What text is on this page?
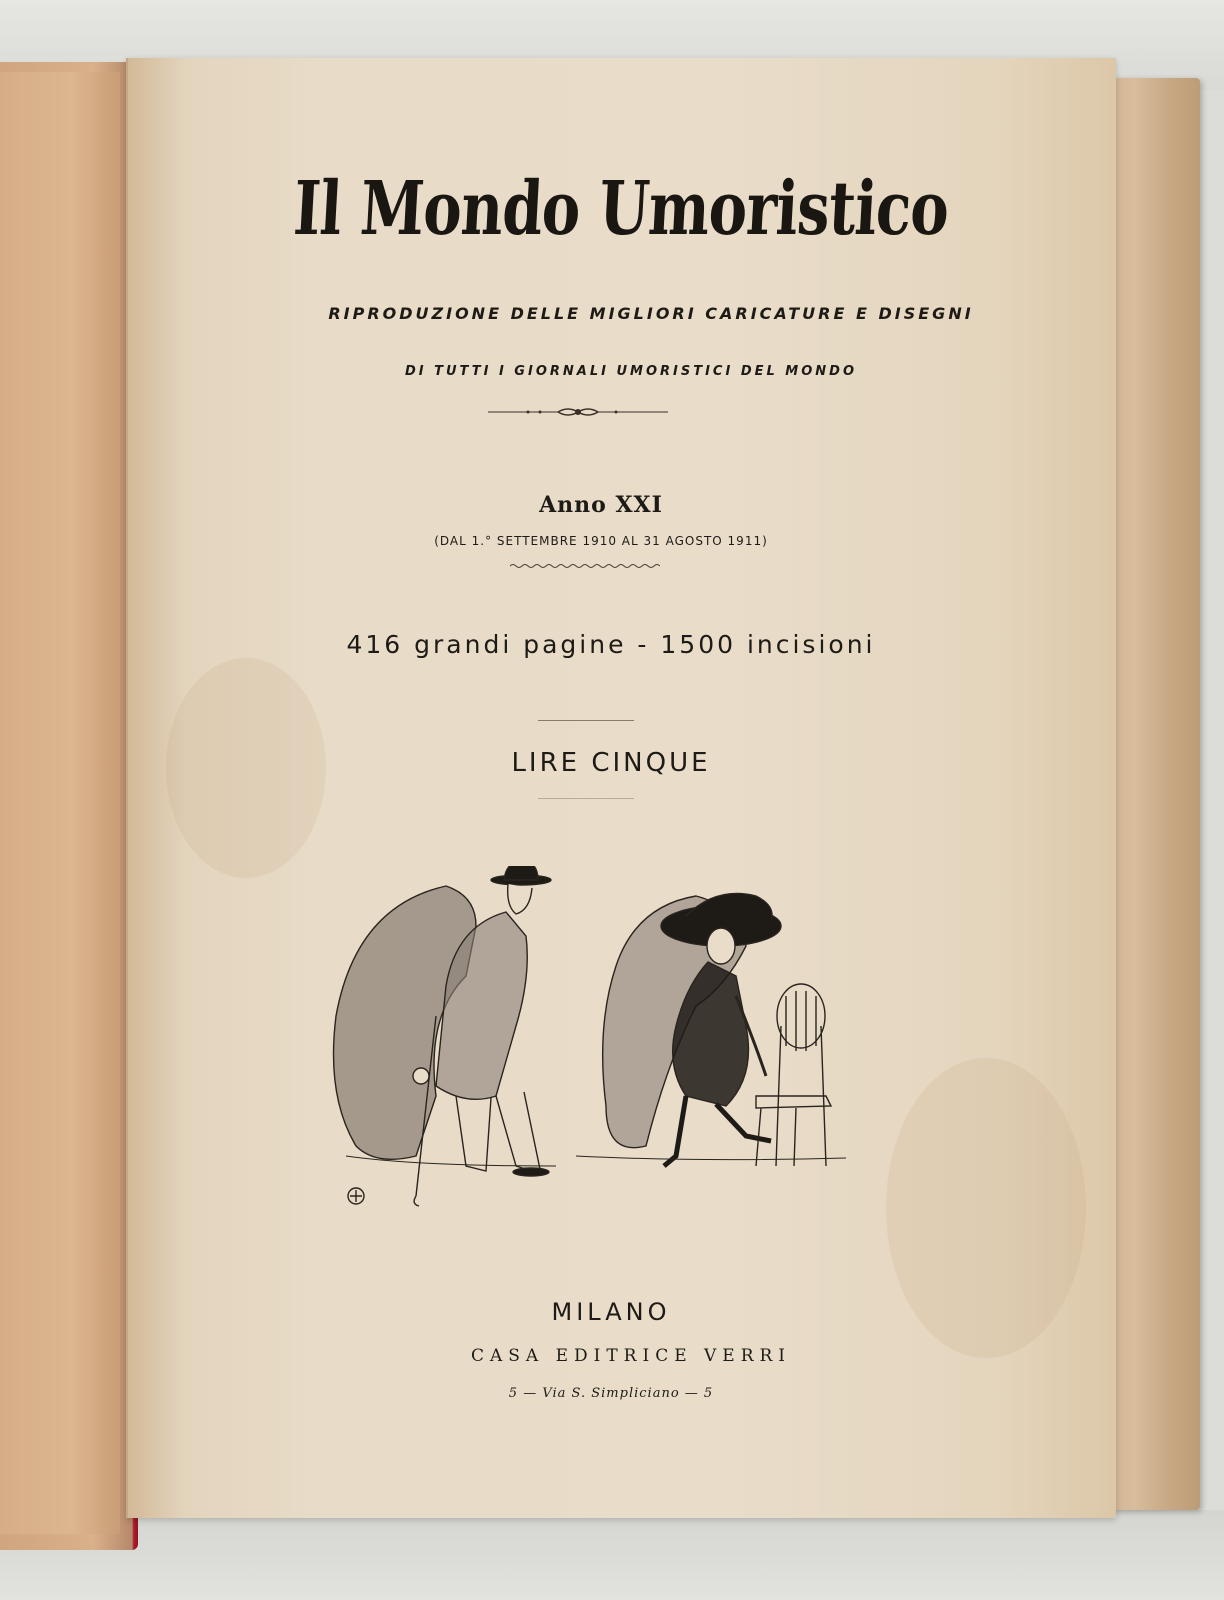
Il Mondo Umoristico
RIPRODUZIONE DELLE MIGLIORI CARICATURE E DISEGNI
DI TUTTI I GIORNALI UMORISTICI DEL MONDO
Anno XXI
(DAL 1.° SETTEMBRE 1910 AL 31 AGOSTO 1911)
416 grandi pagine - 1500 incisioni
LIRE CINQUE
MILANO
CASA EDITRICE VERRI
5 — Via S. Simpliciano — 5
